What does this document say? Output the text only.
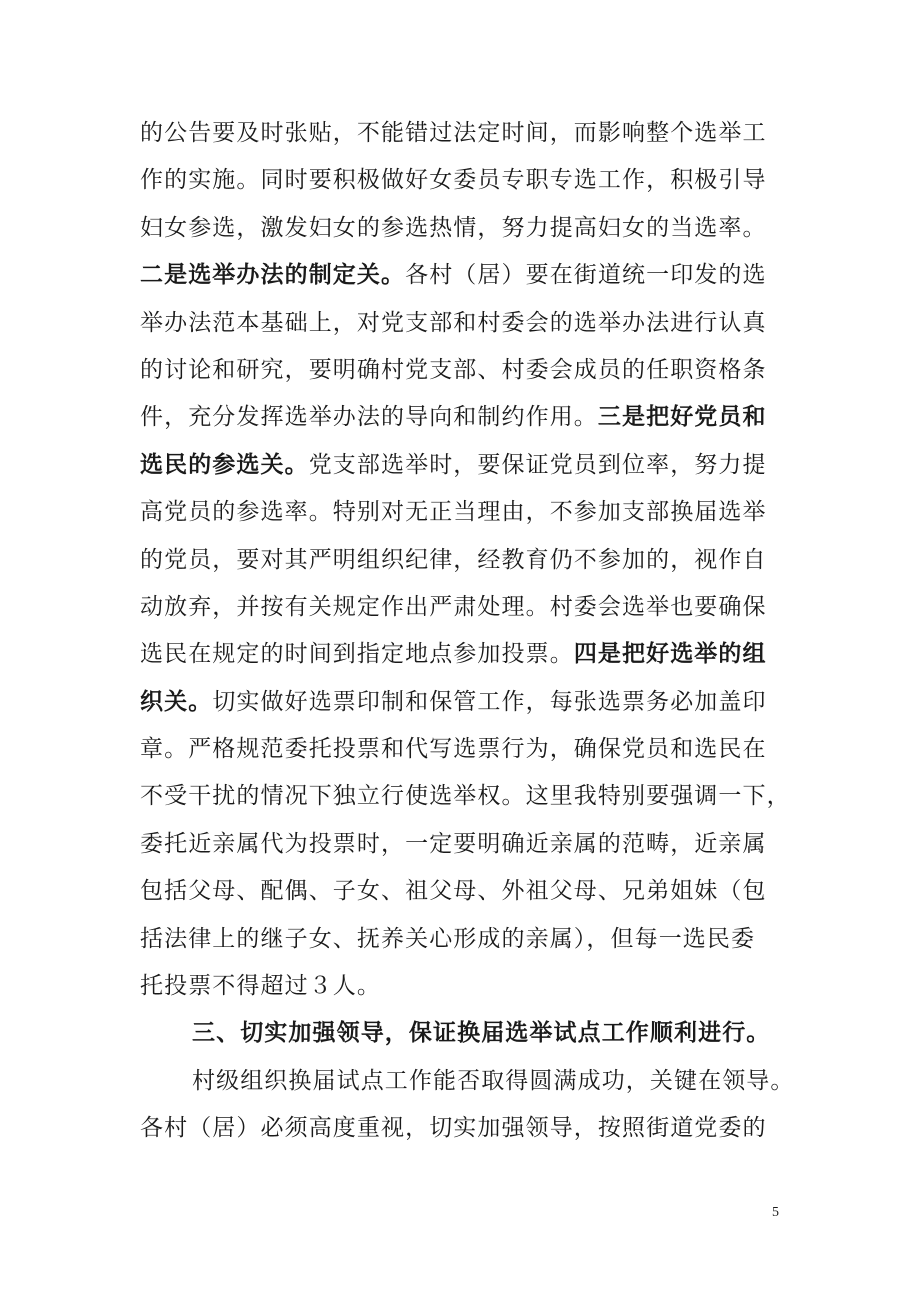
的公告要及时张贴，不能错过法定时间，而影响整个选举工
作的实施。同时要积极做好女委员专职专选工作，积极引导
妇女参选，激发妇女的参选热情，努力提高妇女的当选率。
二是选举办法的制定关。各村（居）要在街道统一印发的选
举办法范本基础上，对党支部和村委会的选举办法进行认真
的讨论和研究，要明确村党支部、村委会成员的任职资格条
件，充分发挥选举办法的导向和制约作用。三是把好党员和
选民的参选关。党支部选举时，要保证党员到位率，努力提
高党员的参选率。特别对无正当理由，不参加支部换届选举
的党员，要对其严明组织纪律，经教育仍不参加的，视作自
动放弃，并按有关规定作出严肃处理。村委会选举也要确保
选民在规定的时间到指定地点参加投票。四是把好选举的组
织关。切实做好选票印制和保管工作，每张选票务必加盖印
章。严格规范委托投票和代写选票行为，确保党员和选民在
不受干扰的情况下独立行使选举权。这里我特别要强调一下，
委托近亲属代为投票时，一定要明确近亲属的范畴，近亲属
包括父母、配偶、子女、祖父母、外祖父母、兄弟姐妹（包
括法律上的继子女、抚养关心形成的亲属），但每一选民委
托投票不得超过３人。
三、切实加强领导，保证换届选举试点工作顺利进行。
村级组织换届试点工作能否取得圆满成功，关键在领导。
各村（居）必须高度重视，切实加强领导，按照街道党委的
5
